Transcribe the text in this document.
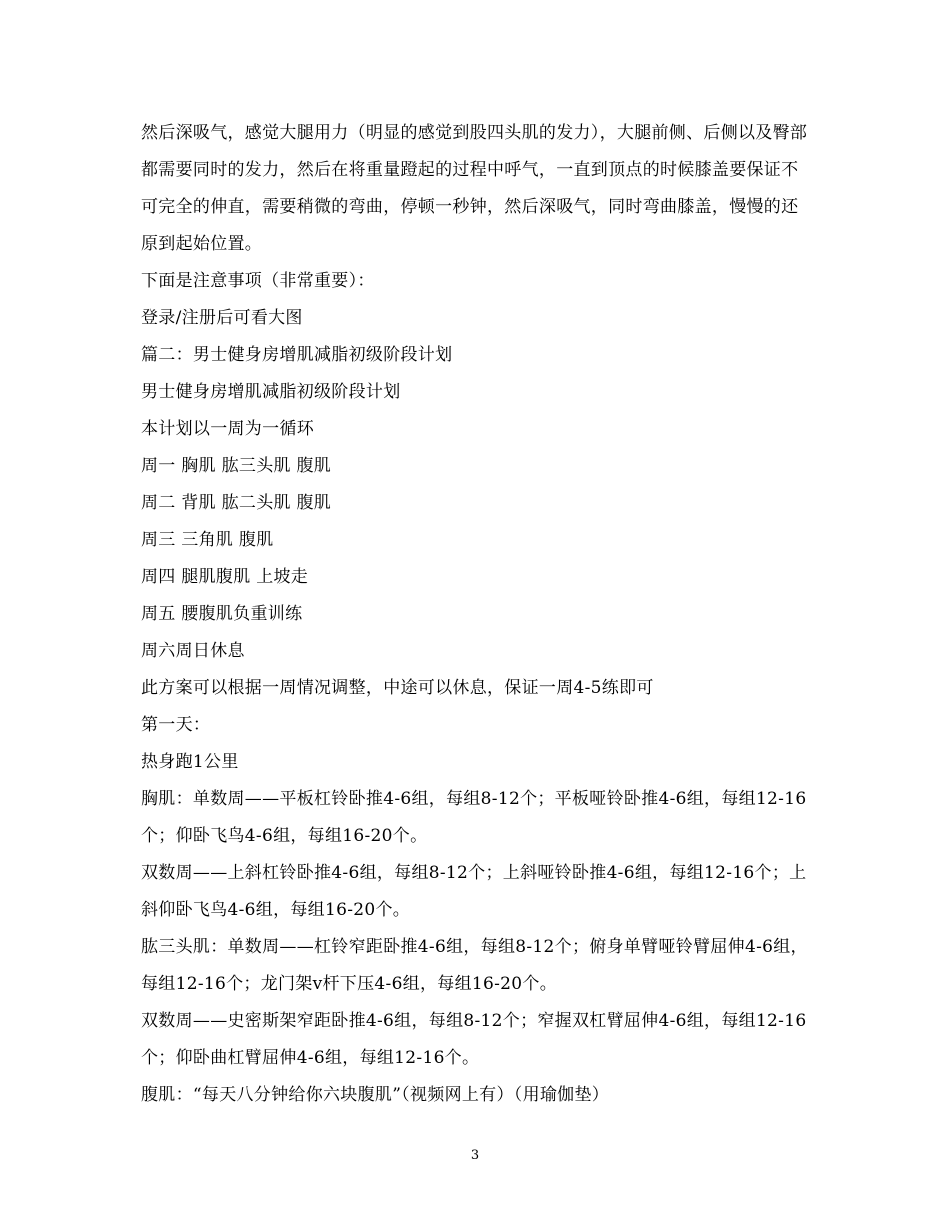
然后深吸气，感觉大腿用力（明显的感觉到股四头肌的发力），大腿前侧、后侧以及臀部都需要同时的发力，然后在将重量蹬起的过程中呼气，一直到顶点的时候膝盖要保证不可完全的伸直，需要稍微的弯曲，停顿一秒钟，然后深吸气，同时弯曲膝盖，慢慢的还原到起始位置。

下面是注意事项（非常重要）：

登录/注册后可看大图

篇二：男士健身房增肌减脂初级阶段计划

男士健身房增肌减脂初级阶段计划

本计划以一周为一循环

周一 胸肌 肱三头肌 腹肌

周二 背肌 肱二头肌 腹肌

周三 三角肌 腹肌

周四 腿肌腹肌 上坡走

周五 腰腹肌负重训练

周六周日休息

此方案可以根据一周情况调整，中途可以休息，保证一周4-5练即可

第一天：

热身跑1公里

胸肌：单数周——平板杠铃卧推4-6组，每组8-12个；平板哑铃卧推4-6组，每组12-16个；仰卧飞鸟4-6组，每组16-20个。

双数周——上斜杠铃卧推4-6组，每组8-12个；上斜哑铃卧推4-6组，每组12-16个；上斜仰卧飞鸟4-6组，每组16-20个。

肱三头肌：单数周——杠铃窄距卧推4-6组，每组8-12个；俯身单臂哑铃臂屈伸4-6组，每组12-16个；龙门架v杆下压4-6组，每组16-20个。

双数周——史密斯架窄距卧推4-6组，每组8-12个；窄握双杠臂屈伸4-6组，每组12-16个；仰卧曲杠臂屈伸4-6组，每组12-16个。

腹肌：“每天八分钟给你六块腹肌”（视频网上有）（用瑜伽垫）

3
